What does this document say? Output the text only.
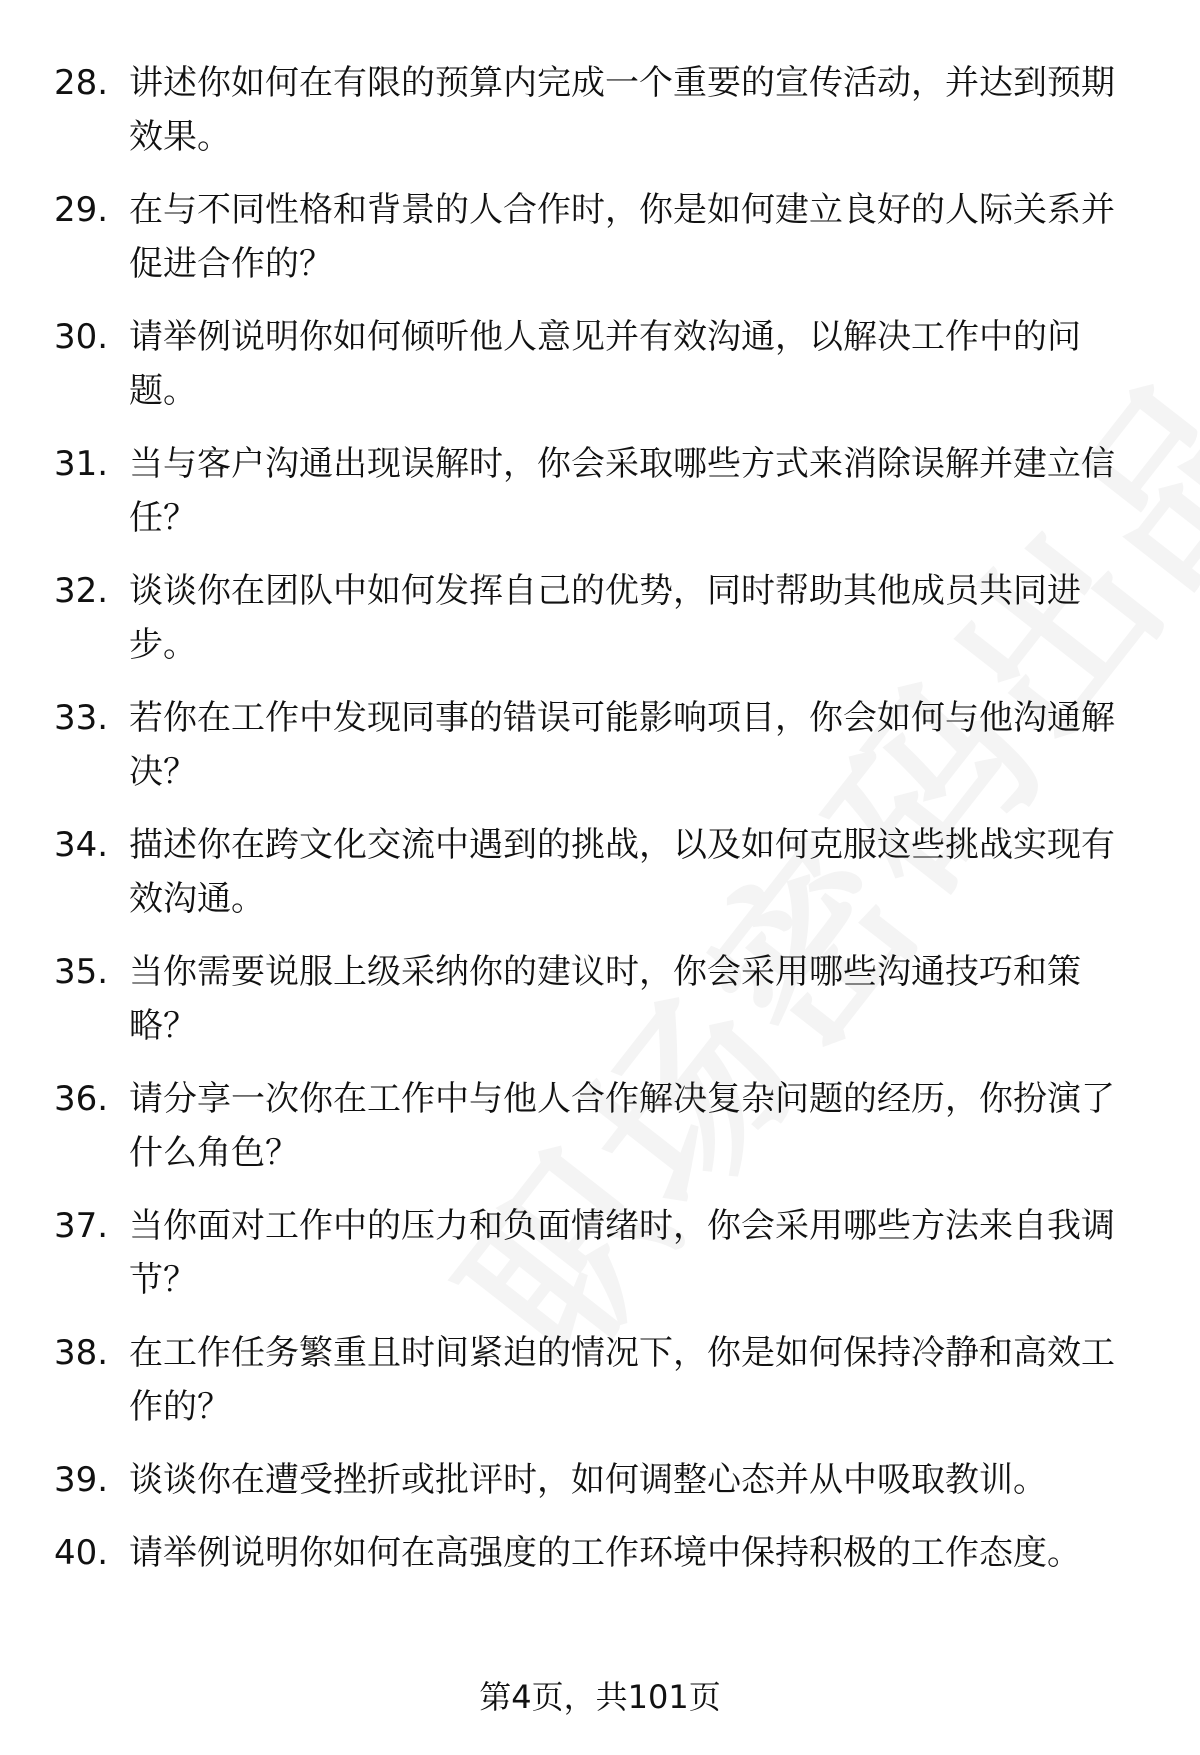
28. 讲述你如何在有限的预算内完成一个重要的宣传活动，并达到预期效果。
29. 在与不同性格和背景的人合作时，你是如何建立良好的人际关系并促进合作的？
30. 请举例说明你如何倾听他人意见并有效沟通，以解决工作中的问题。
31. 当与客户沟通出现误解时，你会采取哪些方式来消除误解并建立信任？
32. 谈谈你在团队中如何发挥自己的优势，同时帮助其他成员共同进步。
33. 若你在工作中发现同事的错误可能影响项目，你会如何与他沟通解决？
34. 描述你在跨文化交流中遇到的挑战，以及如何克服这些挑战实现有效沟通。
35. 当你需要说服上级采纳你的建议时，你会采用哪些沟通技巧和策略？
36. 请分享一次你在工作中与他人合作解决复杂问题的经历，你扮演了什么角色？
37. 当你面对工作中的压力和负面情绪时，你会采用哪些方法来自我调节？
38. 在工作任务繁重且时间紧迫的情况下，你是如何保持冷静和高效工作的？
39. 谈谈你在遭受挫折或批评时，如何调整心态并从中吸取教训。
40. 请举例说明你如何在高强度的工作环境中保持积极的工作态度。
第4页，共101页
